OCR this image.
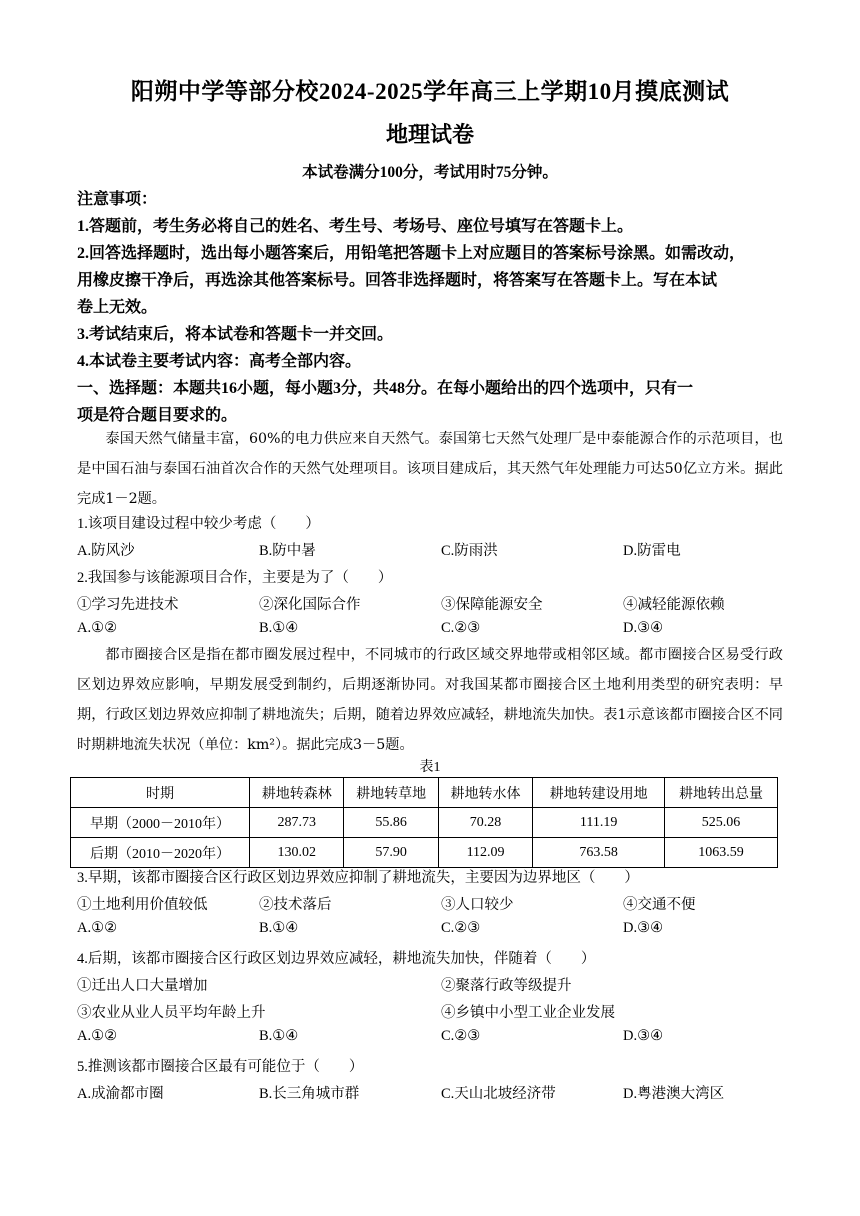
阳朔中学等部分校2024-2025学年高三上学期10月摸底测试
地理试卷
本试卷满分100分，考试用时75分钟。
注意事项：
1.答题前，考生务必将自己的姓名、考生号、考场号、座位号填写在答题卡上。
2.回答选择题时，选出每小题答案后，用铅笔把答题卡上对应题目的答案标号涂黑。如需改动，
用橡皮擦干净后，再选涂其他答案标号。回答非选择题时，将答案写在答题卡上。写在本试
卷上无效。
3.考试结束后，将本试卷和答题卡一并交回。
4.本试卷主要考试内容：高考全部内容。
一、选择题：本题共16小题，每小题3分，共48分。在每小题给出的四个选项中，只有一
项是符合题目要求的。
泰国天然气储量丰富，60%的电力供应来自天然气。泰国第七天然气处理厂是中泰能源合作的示范项目，也是中国石油与泰国石油首次合作的天然气处理项目。该项目建成后，其天然气年处理能力可达50亿立方米。据此完成1－2题。
1.该项目建设过程中较少考虑（　　）
A.防风沙	B.防中暑	C.防雨洪	D.防雷电
2.我国参与该能源项目合作，主要是为了（　　）
①学习先进技术	②深化国际合作	③保障能源安全	④减轻能源依赖
A.①②	B.①④	C.②③	D.③④
都市圈接合区是指在都市圈发展过程中，不同城市的行政区域交界地带或相邻区域。都市圈接合区易受行政区划边界效应影响，早期发展受到制约，后期逐渐协同。对我国某都市圈接合区土地利用类型的研究表明：早期，行政区划边界效应抑制了耕地流失；后期，随着边界效应减轻，耕地流失加快。表1示意该都市圈接合区不同时期耕地流失状况（单位：km²）。据此完成3－5题。
表1
时期	耕地转森林	耕地转草地	耕地转水体	耕地转建设用地	耕地转出总量
早期（2000－2010年）	287.73	55.86	70.28	111.19	525.06
后期（2010－2020年）	130.02	57.90	112.09	763.58	1063.59
3.早期，该都市圈接合区行政区划边界效应抑制了耕地流失，主要因为边界地区（　　）
①土地利用价值较低	②技术落后	③人口较少	④交通不便
A.①②	B.①④	C.②③	D.③④
4.后期，该都市圈接合区行政区划边界效应减轻，耕地流失加快，伴随着（　　）
①迁出人口大量增加	②聚落行政等级提升
③农业从业人员平均年龄上升	④乡镇中小型工业企业发展
A.①②	B.①④	C.②③	D.③④
5.推测该都市圈接合区最有可能位于（　　）
A.成渝都市圈	B.长三角城市群	C.天山北坡经济带	D.粤港澳大湾区
